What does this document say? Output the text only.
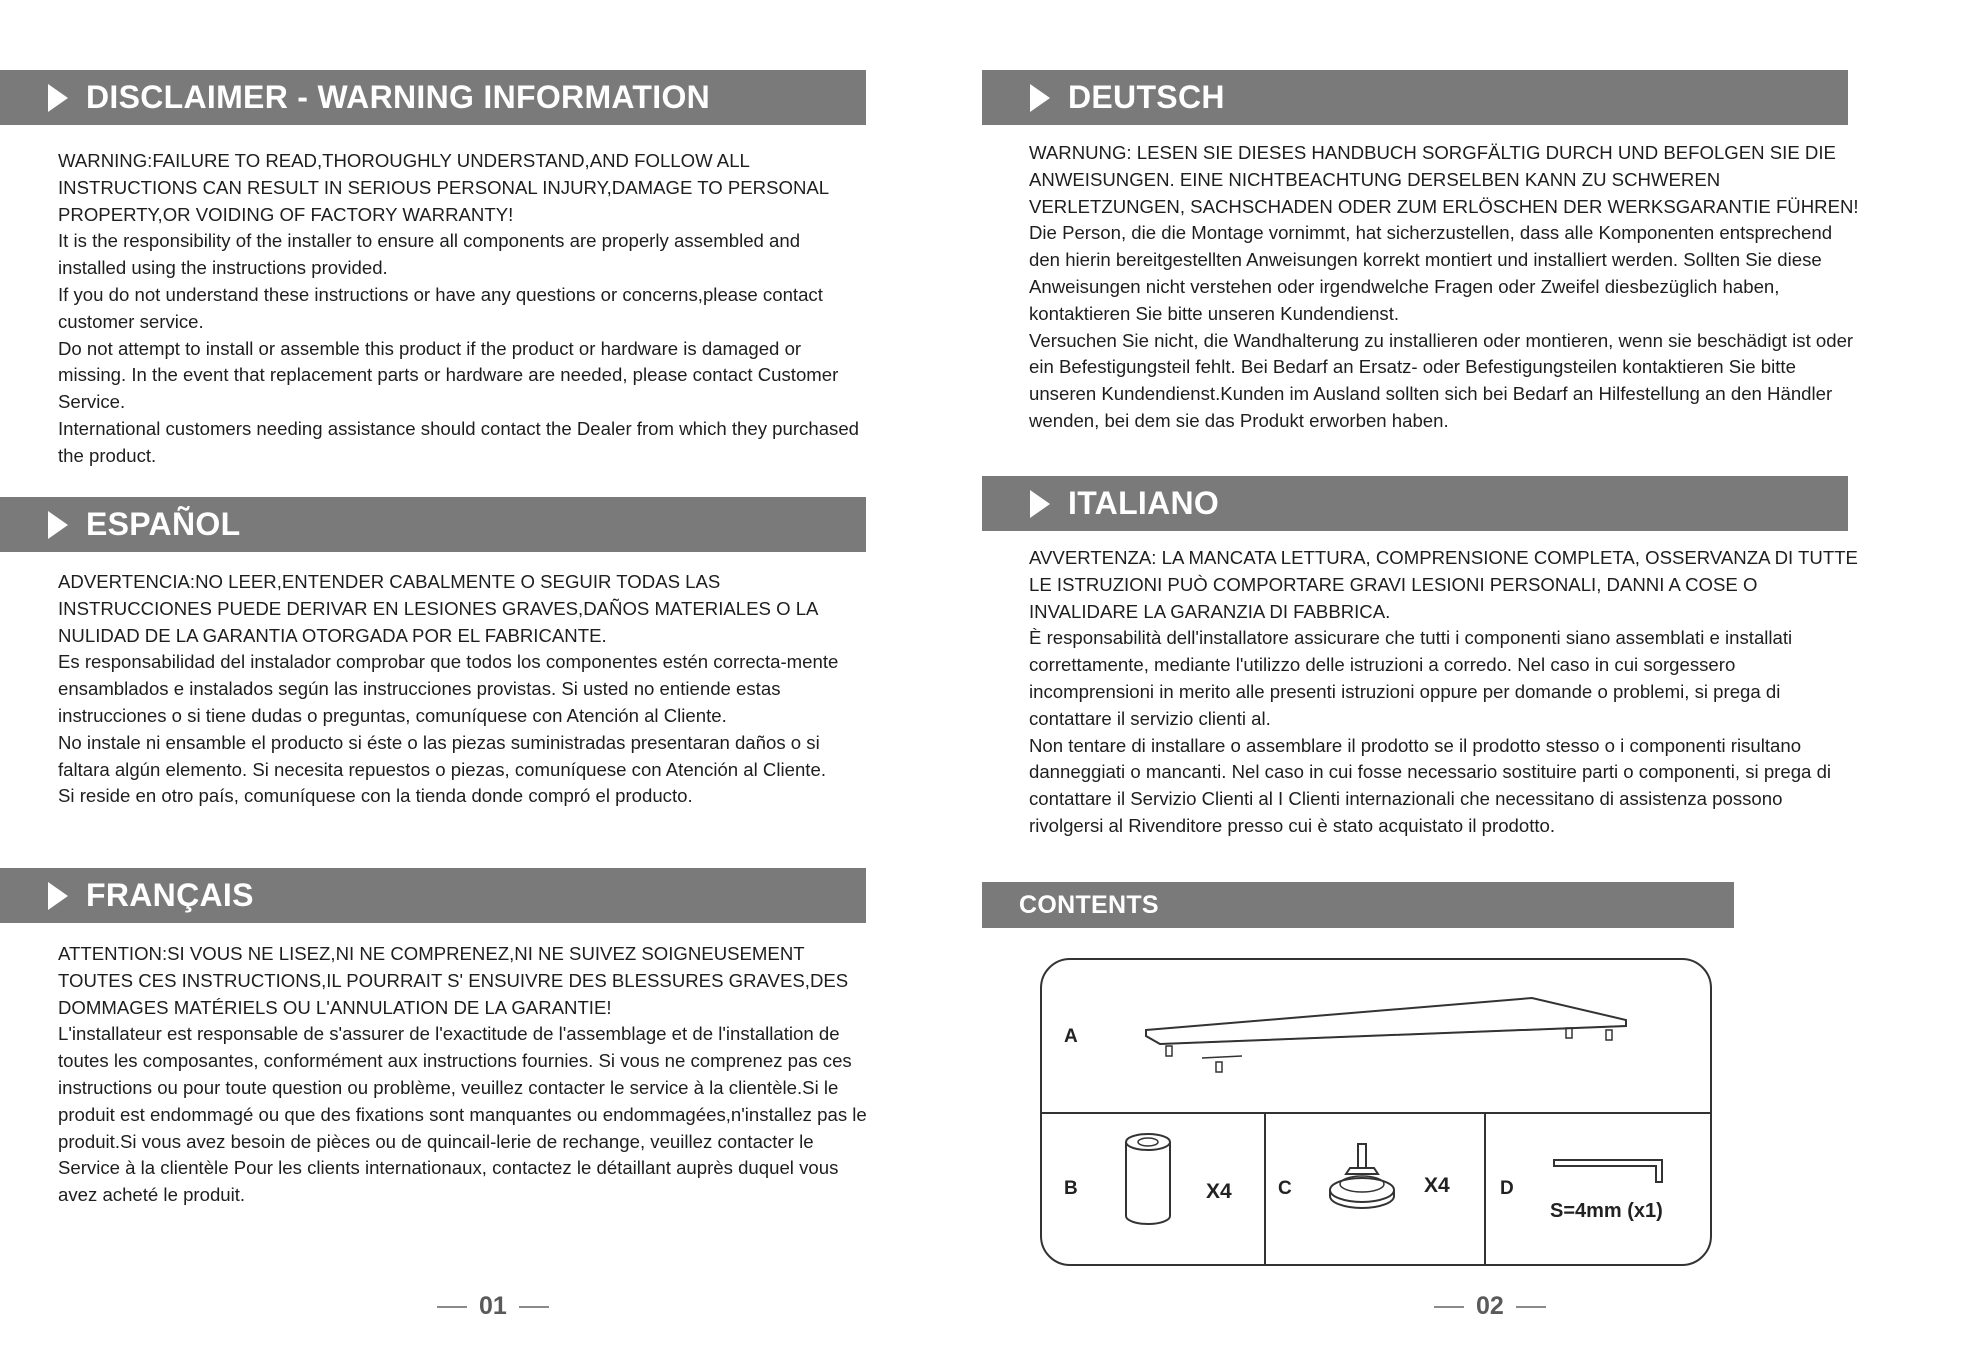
DISCLAIMER - WARNING INFORMATION

WARNING:FAILURE TO READ,THOROUGHLY UNDERSTAND,AND FOLLOW ALL INSTRUCTIONS CAN RESULT IN SERIOUS PERSONAL INJURY,DAMAGE TO PERSONAL PROPERTY,OR VOIDING OF FACTORY WARRANTY!

It is the responsibility of the installer to ensure all components are properly assembled and installed using the instructions provided.

If you do not understand these instructions or have any questions or concerns,please contact customer service.

Do not attempt to install or assemble this product if the product or hardware is damaged or missing. In the event that replacement parts or hardware are needed, please contact Customer Service.

International customers needing assistance should contact the Dealer from which they purchased the product.

ESPAÑOL

ADVERTENCIA:NO LEER,ENTENDER CABALMENTE O SEGUIR TODAS LAS INSTRUCCIONES PUEDE DERIVAR EN LESIONES GRAVES,DAÑOS MATERIALES O LA NULIDAD DE LA GARANTIA OTORGADA POR EL FABRICANTE.

Es responsabilidad del instalador comprobar que todos los componentes estén correcta-mente ensamblados e instalados según las instrucciones provistas. Si usted no entiende estas instrucciones o si tiene dudas o preguntas, comuníquese con Atención al Cliente.

No instale ni ensamble el producto si éste o las piezas suministradas presentaran daños o si faltara algún elemento. Si necesita repuestos o piezas, comuníquese con Atención al Cliente.

Si reside en otro país, comuníquese con la tienda donde compró el producto.

FRANÇAIS

ATTENTION:SI VOUS NE LISEZ,NI NE COMPRENEZ,NI NE SUIVEZ SOIGNEUSEMENT TOUTES CES INSTRUCTIONS,IL POURRAIT S' ENSUIVRE DES BLESSURES GRAVES,DES DOMMAGES MATÉRIELS OU L'ANNULATION DE LA GARANTIE!

L'installateur est responsable de s'assurer de l'exactitude de l'assemblage et de l'installation de toutes les composantes, conformément aux instructions fournies. Si vous ne comprenez pas ces instructions ou pour toute question ou problème, veuillez contacter le service à la clientèle.Si le produit est endommagé ou que des fixations sont manquantes ou endommagées,n'installez pas le produit.Si vous avez besoin de pièces ou de quincail-lerie de rechange, veuillez contacter le Service à la clientèle Pour les clients internationaux, contactez le détaillant auprès duquel vous avez acheté le produit.

01
DEUTSCH

WARNUNG: LESEN SIE DIESES HANDBUCH SORGFÄLTIG DURCH UND BEFOLGEN SIE DIE ANWEISUNGEN. EINE NICHTBEACHTUNG DERSELBEN KANN ZU SCHWEREN VERLETZUNGEN, SACHSCHADEN ODER ZUM ERLÖSCHEN DER WERKSGARANTIE FÜHREN!

Die Person, die die Montage vornimmt, hat sicherzustellen, dass alle Komponenten entsprechend den hierin bereitgestellten Anweisungen korrekt montiert und installiert werden. Sollten Sie diese Anweisungen nicht verstehen oder irgendwelche Fragen oder Zweifel diesbezüglich haben, kontaktieren Sie bitte unseren Kundendienst.

Versuchen Sie nicht, die Wandhalterung zu installieren oder montieren, wenn sie beschädigt ist oder ein Befestigungsteil fehlt. Bei Bedarf an Ersatz- oder Befestigungsteilen kontaktieren Sie bitte unseren Kundendienst.Kunden im Ausland sollten sich bei Bedarf an Hilfestellung an den Händler wenden, bei dem sie das Produkt erworben haben.

ITALIANO

AVVERTENZA: LA MANCATA LETTURA, COMPRENSIONE COMPLETA, OSSERVANZA DI TUTTE LE ISTRUZIONI PUÒ COMPORTARE GRAVI LESIONI PERSONALI, DANNI A COSE O INVALIDARE LA GARANZIA DI FABBRICA.

È responsabilità dell'installatore assicurare che tutti i componenti siano assemblati e installati correttamente, mediante l'utilizzo delle istruzioni a corredo. Nel caso in cui sorgessero incomprensioni in merito alle presenti istruzioni oppure per domande o problemi, si prega di contattare il servizio clienti al.

Non tentare di installare o assemblare il prodotto se il prodotto stesso o i componenti risultano danneggiati o mancanti. Nel caso in cui fosse necessario sostituire parti o componenti, si prega di contattare il Servizio Clienti al I Clienti internazionali che necessitano di assistenza possono rivolgersi al Rivenditore presso cui è stato acquistato il prodotto.

CONTENTS
A
B	X4 C	X4	D
S=4mm (x1)
02
